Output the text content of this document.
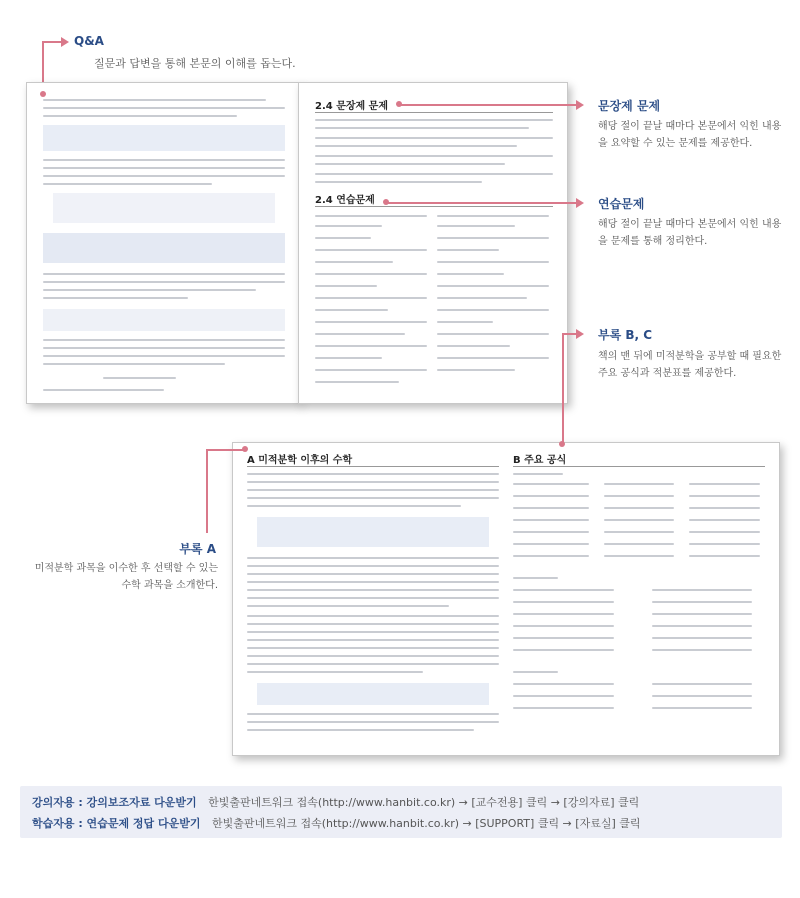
Q&A
질문과 답변을 통해 본문의 이해를 돕는다.
2.4 문장제 문제
2.4 연습문제
문장제 문제
해당 절이 끝날 때마다 본문에서 익힌 내용을 요약할 수 있는 문제를 제공한다.
연습문제
해당 절이 끝날 때마다 본문에서 익힌 내용을 문제를 통해 정리한다.
부록 B, C
책의 맨 뒤에 미적분학을 공부할 때 필요한 주요 공식과 적분표를 제공한다.
A 미적분학 이후의 수학	B 주요 공식
부록 A
미적분학 과목을 이수한 후 선택할 수 있는 수학 과목을 소개한다.
강의자용 : 강의보조자료 다운받기 한빛출판네트워크 접속(http://www.hanbit.co.kr) → [교수전용] 클릭 → [강의자료] 클릭
학습자용 : 연습문제 정답 다운받기 한빛출판네트워크 접속(http://www.hanbit.co.kr) → [SUPPORT] 클릭 → [자료실] 클릭
